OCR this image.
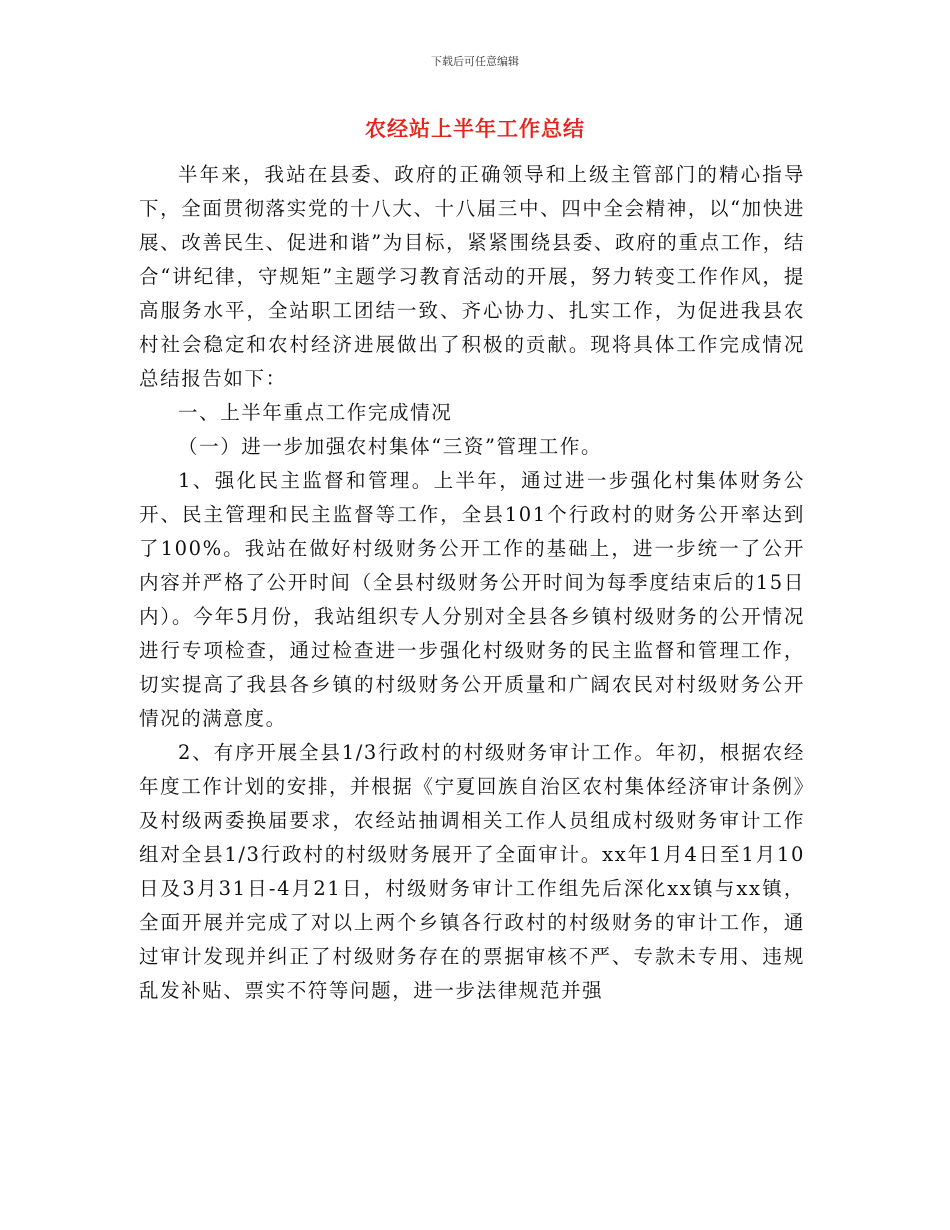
下载后可任意编辑
农经站上半年工作总结

半年来，我站在县委、政府的正确领导和上级主管部门的精心指导下，全面贯彻落实党的十八大、十八届三中、四中全会精神，以“加快进展、改善民生、促进和谐”为目标，紧紧围绕县委、政府的重点工作，结合“讲纪律，守规矩”主题学习教育活动的开展，努力转变工作作风，提高服务水平，全站职工团结一致、齐心协力、扎实工作，为促进我县农村社会稳定和农村经济进展做出了积极的贡献。现将具体工作完成情况总结报告如下：

一、上半年重点工作完成情况

（一）进一步加强农村集体“三资”管理工作。

1、强化民主监督和管理。上半年，通过进一步强化村集体财务公开、民主管理和民主监督等工作，全县101个行政村的财务公开率达到了100%。我站在做好村级财务公开工作的基础上，进一步统一了公开内容并严格了公开时间（全县村级财务公开时间为每季度结束后的15日内）。今年5月份，我站组织专人分别对全县各乡镇村级财务的公开情况进行专项检查，通过检查进一步强化村级财务的民主监督和管理工作，切实提高了我县各乡镇的村级财务公开质量和广阔农民对村级财务公开情况的满意度。

2、有序开展全县1/3行政村的村级财务审计工作。年初，根据农经年度工作计划的安排，并根据《宁夏回族自治区农村集体经济审计条例》及村级两委换届要求，农经站抽调相关工作人员组成村级财务审计工作组对全县1/3行政村的村级财务展开了全面审计。xx年1月4日至1月10日及3月31日-4月21日，村级财务审计工作组先后深化xx镇与xx镇，全面开展并完成了对以上两个乡镇各行政村的村级财务的审计工作，通过审计发现并纠正了村级财务存在的票据审核不严、专款未专用、违规乱发补贴、票实不符等问题，进一步法律规范并强
